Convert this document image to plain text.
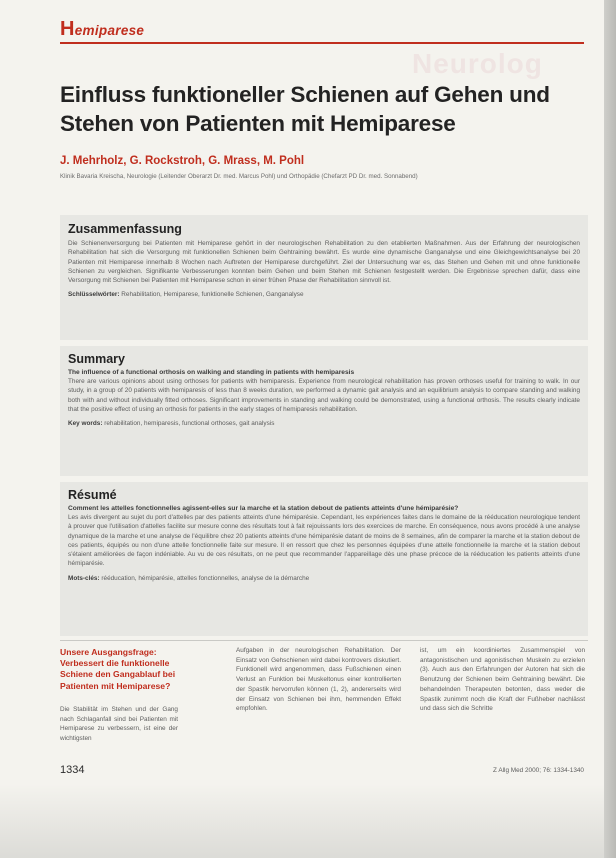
Hemiparese
Neurolog
Einfluss funktioneller Schienen auf Gehen und Stehen von Patienten mit Hemiparese
J. Mehrholz, G. Rockstroh, G. Mrass, M. Pohl
Klinik Bavaria Kreischa, Neurologie (Leitender Oberarzt Dr. med. Marcus Pohl) und Orthopädie (Chefarzt PD Dr. med. Sonnabend)
Zusammenfassung
Die Schienenversorgung bei Patienten mit Hemiparese gehört in der neurologischen Rehabilitation zu den etablierten Maßnahmen. Aus der Erfahrung der neurologischen Rehabilitation hat sich die Versorgung mit funktionellen Schienen beim Gehtraining bewährt. Es wurde eine dynamische Ganganalyse und eine Gleichgewichtsanalyse bei 20 Patienten mit Hemiparese innerhalb 8 Wochen nach Auftreten der Hemiparese durchgeführt. Ziel der Untersuchung war es, das Stehen und Gehen mit und ohne funktionelle Schienen zu vergleichen. Signifikante Verbesserungen konnten beim Gehen und beim Stehen mit Schienen festgestellt werden. Die Ergebnisse sprechen dafür, dass eine Versorgung mit Schienen bei Patienten mit Hemiparese schon in einer frühen Phase der Rehabilitation sinnvoll ist.
Schlüsselwörter: Rehabilitation, Hemiparese, funktionelle Schienen, Ganganalyse
Summary
The influence of a functional orthosis on walking and standing in patients with hemiparesis
There are various opinions about using orthoses for patients with hemiparesis. Experience from neurological rehabilitation has proven orthoses useful for training to walk. In our study, in a group of 20 patients with hemiparesis of less than 8 weeks duration, we performed a dynamic gait analysis and an equilibrium analysis to compare standing and walking both with and without individually fitted orthoses. Significant improvements in standing and walking could be demonstrated, using a functional orthosis. The results clearly indicate that the positive effect of using an orthosis for patients in the early stages of hemiparesis rehabilitation.
Key words: rehabilitation, hemiparesis, functional orthoses, gait analysis
Résumé
Comment les attelles fonctionnelles agissent-elles sur la marche et la station debout de patients atteints d'une hémiparésie?
Les avis divergent au sujet du port d'attelles par des patients atteints d'une hémiparésie. Cependant, les expériences faites dans le domaine de la rééducation neurologique tendent à prouver que l'utilisation d'attelles facilite sur mesure conne des résultats tout à fait rejouissants lors des exercices de marche. En conséquence, nous avons procédé à une analyse dynamique de la marche et une analyse de l'équilibre chez 20 patients atteints d'une hémiparésie datant de moins de 8 semaines, afin de comparer la marche et la station debout de ces patients, équipés ou non d'une attelle fonctionnelle faite sur mesure. Il en ressort que chez les personnes équipées d'une attelle fonctionnelle la marche et la station debout s'étaient améliorées de façon indéniable. Au vu de ces résultats, on ne peut que recommander l'appareillage dès une phase précoce de la rééducation les patients atteints d'une hémiparésie.
Mots-clés: rééducation, hémiparésie, attelles fonctionnelles, analyse de la démarche
Unsere Ausgangsfrage: Verbessert die funktionelle Schiene den Gangablauf bei Patienten mit Hemiparese?
Die Stabilität im Stehen und der Gang nach Schlaganfall sind bei Patienten mit Hemiparese zu verbessern, ist eine der wichtigsten
Aufgaben in der neurologischen Rehabilitation. Der Einsatz von Gehschienen wird dabei kontrovers diskutiert. Funktionell wird angenommen, dass Fußschienen einen Verlust an Funktion bei Muskeltonus einer kontrollierten der Spastik hervorrufen können (1, 2), andererseits wird der Einsatz von Schienen bei ihm, hemmenden Effekt empfohlen.
ist, um ein koordiniertes Zusammenspiel von antagonistischen und agonistischen Muskeln zu erzielen (3). Auch aus den Erfahrungen der Autoren hat sich die Benutzung der Schienen beim Gehtraining bewährt. Die behandelnden Therapeuten betonten, dass weder die Spastik zunimmt noch die Kraft der Fußheber nachlässt und dass sich die Schritte
1334	Z Allg Med 2000; 76: 1334-1340
